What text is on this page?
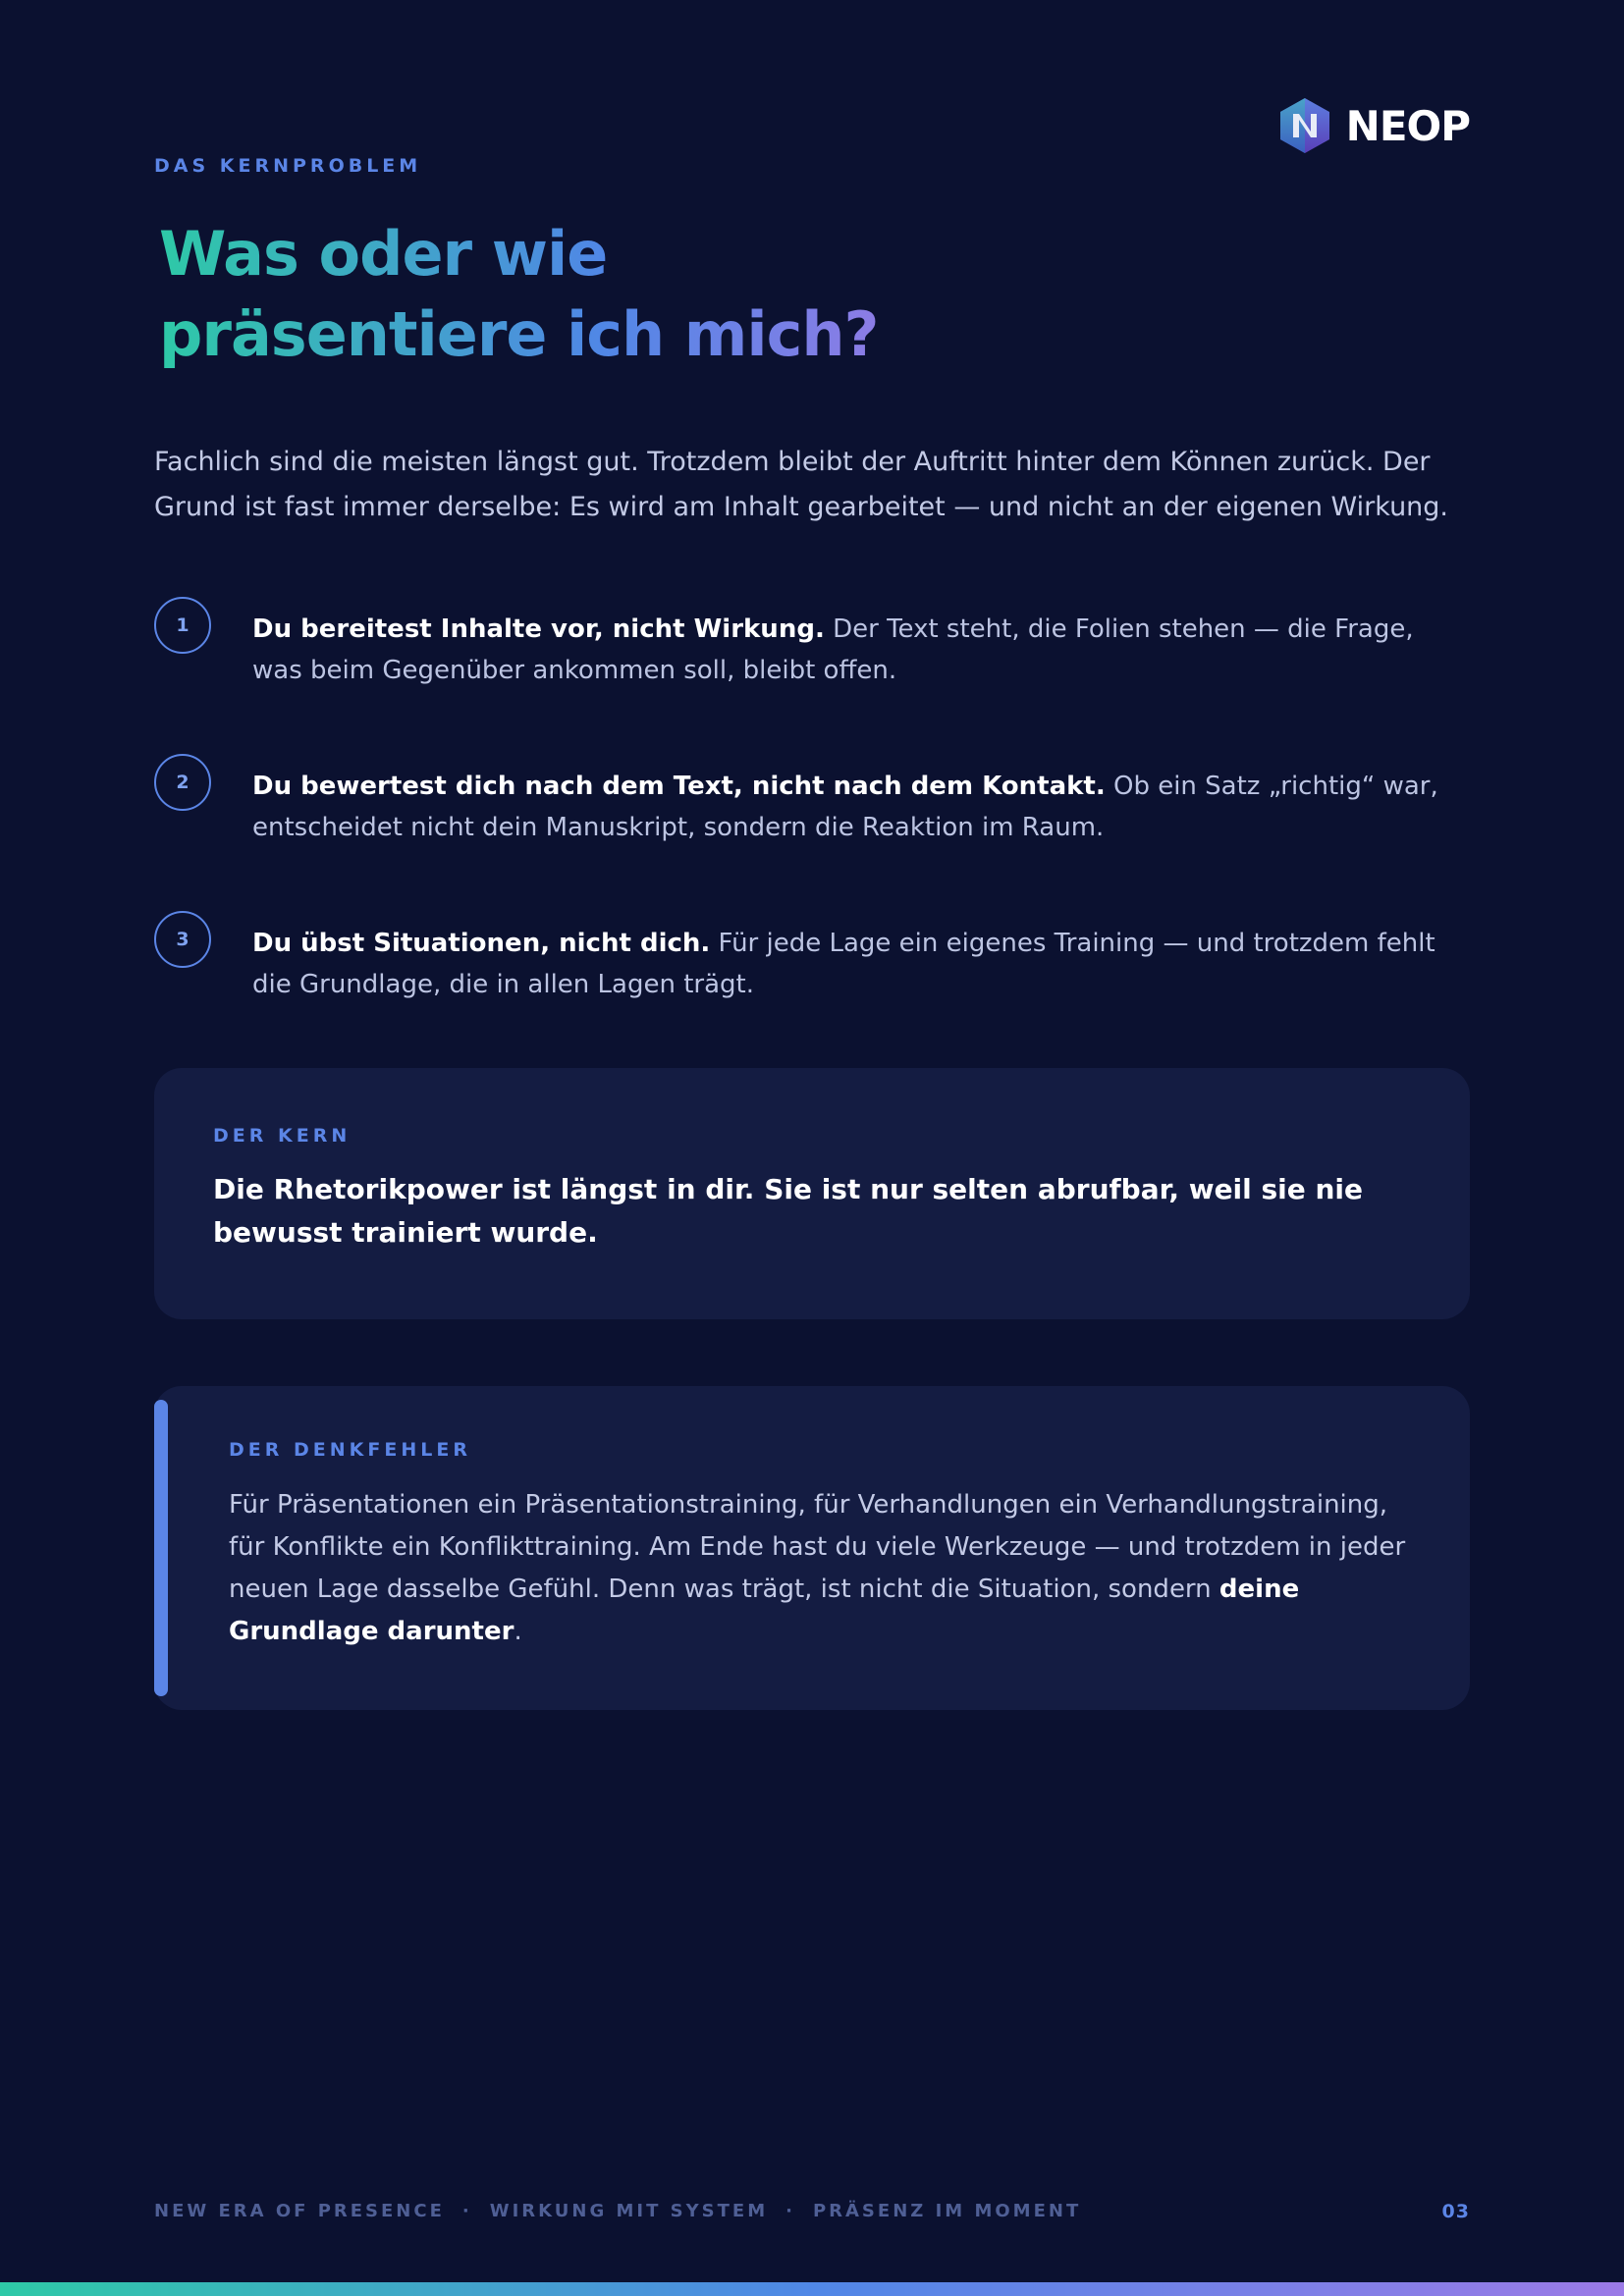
NEOP
DAS KERNPROBLEM
Was oder wie
präsentiere ich mich?

Fachlich sind die meisten längst gut. Trotzdem bleibt der Auftritt hinter dem Können zurück. Der Grund ist fast immer derselbe: Es wird am Inhalt gearbeitet — und nicht an der eigenen Wirkung.

1	Du bereitest Inhalte vor, nicht Wirkung. Der Text steht, die Folien stehen — die Frage, was beim Gegenüber ankommen soll, bleibt offen.
2	Du bewertest dich nach dem Text, nicht nach dem Kontakt. Ob ein Satz „richtig“ war, entscheidet nicht dein Manuskript, sondern die Reaktion im Raum.
3	Du übst Situationen, nicht dich. Für jede Lage ein eigenes Training — und trotzdem fehlt die Grundlage, die in allen Lagen trägt.
DER KERN
Die Rhetorikpower ist längst in dir. Sie ist nur selten abrufbar, weil sie nie bewusst trainiert wurde.
DER DENKFEHLER
Für Präsentationen ein Präsentationstraining, für Verhandlungen ein Verhandlungstraining, für Konflikte ein Konflikttraining. Am Ende hast du viele Werkzeuge — und trotzdem in jeder neuen Lage dasselbe Gefühl. Denn was trägt, ist nicht die Situation, sondern deine Grundlage darunter.
NEW ERA OF PRESENCE · WIRKUNG MIT SYSTEM · PRÄSENZ IM MOMENT	03
